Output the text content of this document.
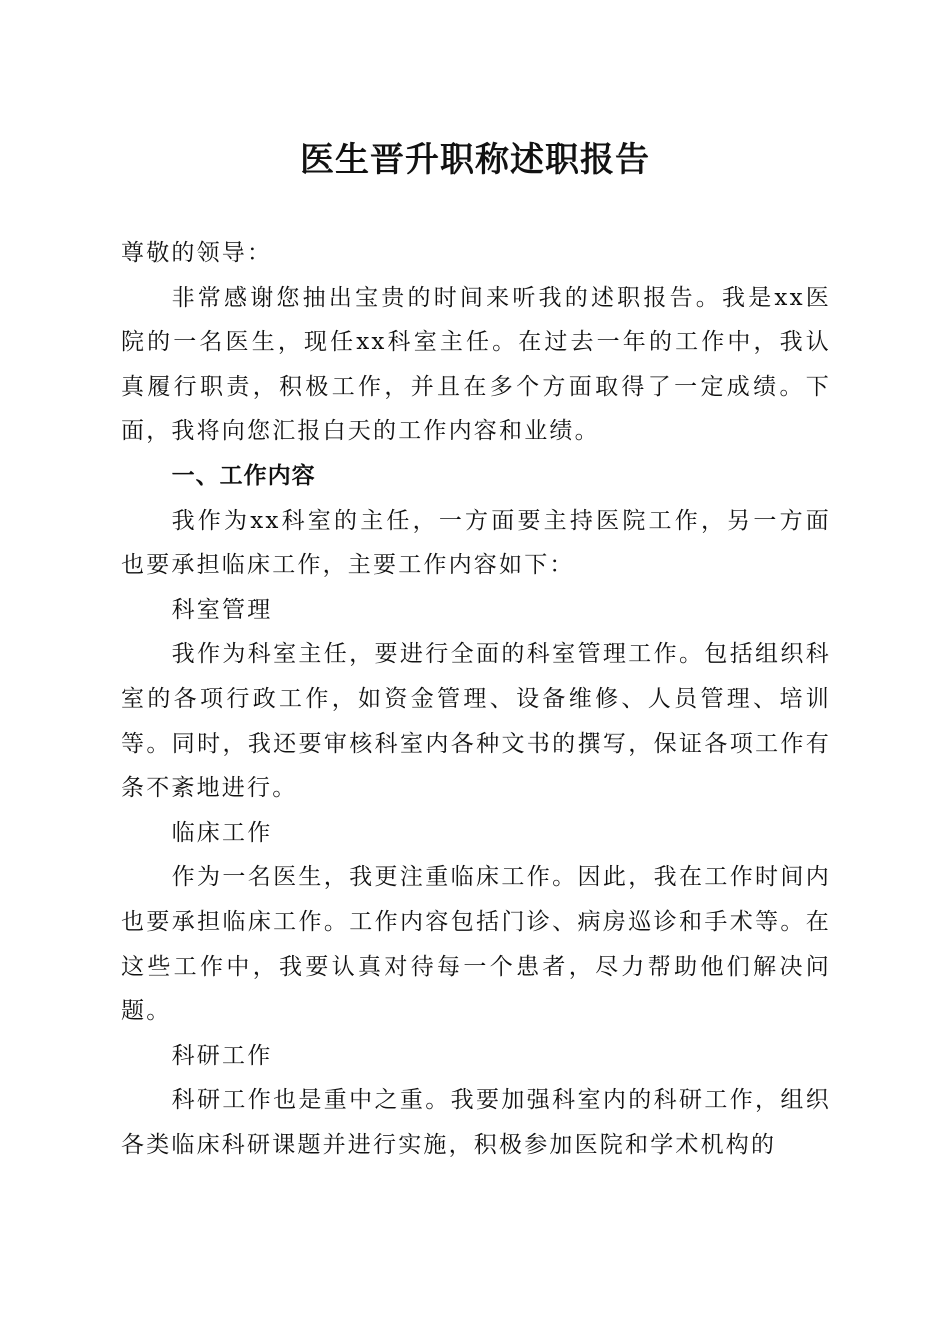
医生晋升职称述职报告

尊敬的领导：

非常感谢您抽出宝贵的时间来听我的述职报告。我是xx医院的一名医生，现任xx科室主任。在过去一年的工作中，我认真履行职责，积极工作，并且在多个方面取得了一定成绩。下面，我将向您汇报白天的工作内容和业绩。

一、工作内容

我作为xx科室的主任，一方面要主持医院工作，另一方面也要承担临床工作，主要工作内容如下：

科室管理

我作为科室主任，要进行全面的科室管理工作。包括组织科室的各项行政工作，如资金管理、设备维修、人员管理、培训等。同时，我还要审核科室内各种文书的撰写，保证各项工作有条不紊地进行。

临床工作

作为一名医生，我更注重临床工作。因此，我在工作时间内也要承担临床工作。工作内容包括门诊、病房巡诊和手术等。在这些工作中，我要认真对待每一个患者，尽力帮助他们解决问题。

科研工作

科研工作也是重中之重。我要加强科室内的科研工作，组织各类临床科研课题并进行实施，积极参加医院和学术机构的
